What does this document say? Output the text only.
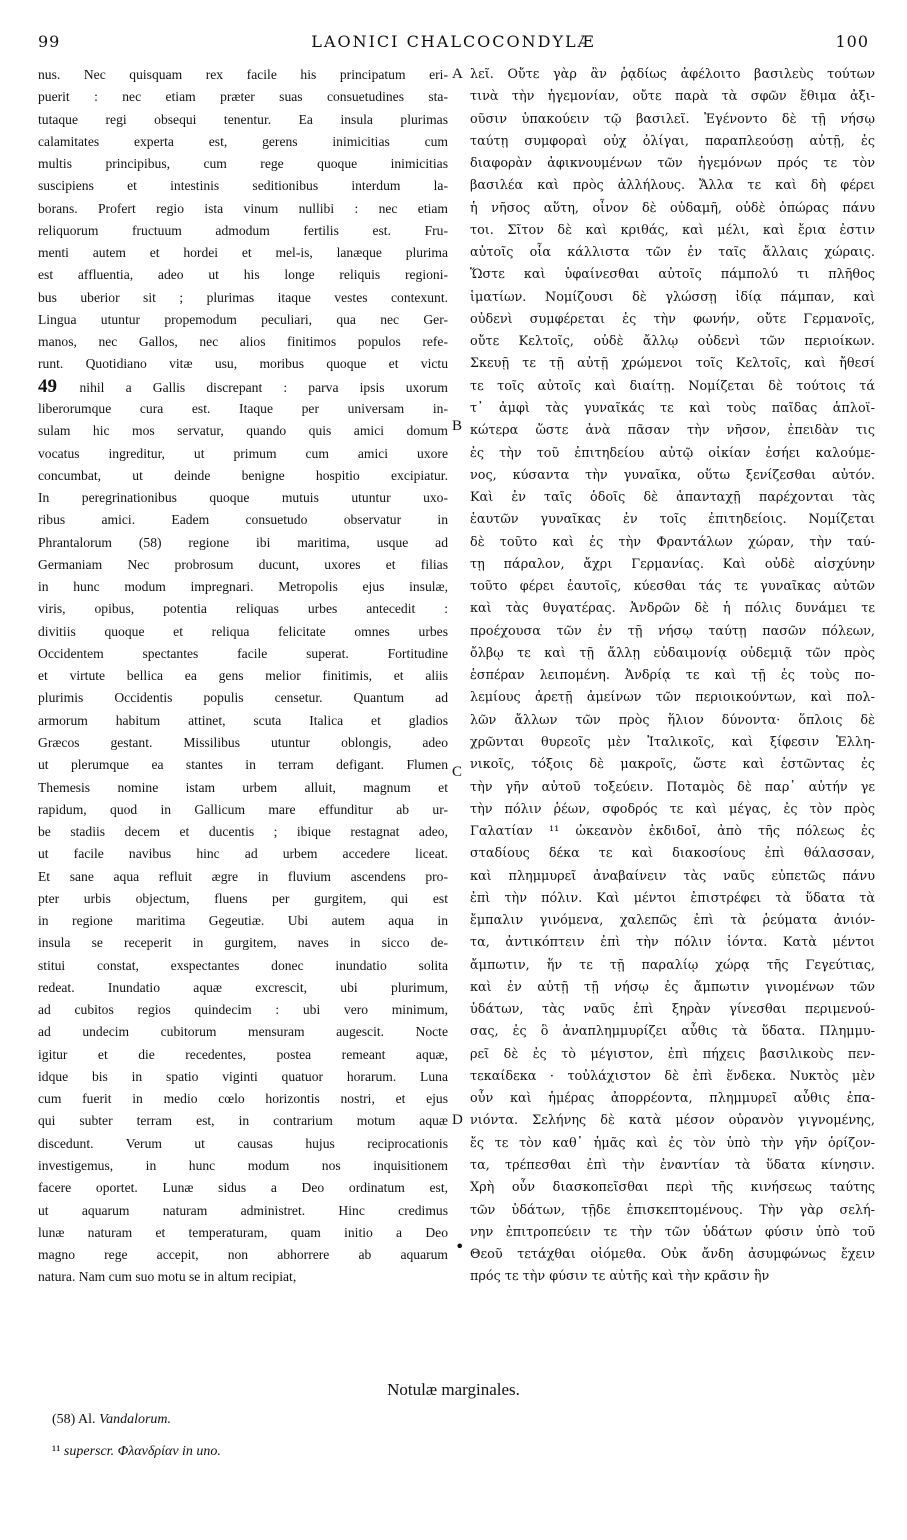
99	LAONICI CHALCOCONDYLÆ	100
nus. Nec quisquam rex facile his principatum eri-
puerit : nec etiam præter suas consuetudines sta-
tutaque regi obsequi tenentur. Ea insula plurimas
calamitates experta est, gerens inimicitias cum
multis principibus, cum rege quoque inimicitias
suscipiens et intestinis seditionibus interdum la-
borans. Profert regio ista vinum nullibi : nec etiam
reliquorum fructuum admodum fertilis est. Fru-
menti autem et hordei et mel-is, lanæque plurima
est affluentia, adeo ut his longe reliquis regioni-
bus uberior sit ; plurimas itaque vestes contexunt.
Lingua utuntur propemodum peculiari, qua nec Ger-
manos, nec Gallos, nec alios finitimos populos refe-
runt. Quotidiano vitæ usu, moribus quoque et victu
49 nihil a Gallis discrepant : parva ipsis uxorum
liberorumque cura est. Itaque per universam in-
sulam hic mos servatur, quando quis amici domum
vocatus ingreditur, ut primum cum amici uxore
concumbat, ut deinde benigne hospitio excipiatur.
In peregrinationibus quoque mutuis utuntur uxo-
ribus amici. Eadem consuetudo observatur in
Phrantalorum (58) regione ibi maritima, usque ad
Germaniam Nec probrosum ducunt, uxores et filias
in hunc modum impregnari. Metropolis ejus insulæ,
viris, opibus, potentia reliquas urbes antecedit :
divitiis quoque et reliqua felicitate omnes urbes
Occidentem spectantes facile superat. Fortitudine
et virtute bellica ea gens melior finitimis, et aliis
plurimis Occidentis populis censetur. Quantum ad
armorum habitum attinet, scuta Italica et gladios
Græcos gestant. Missilibus utuntur oblongis, adeo
ut plerumque ea stantes in terram defigant. Flumen
Themesis nomine istam urbem alluit, magnum et
rapidum, quod in Gallicum mare effunditur ab ur-
be stadiis decem et ducentis ; ibique restagnat adeo,
ut facile navibus hinc ad urbem accedere liceat.
Et sane aqua refluit ægre in fluvium ascendens pro-
pter urbis objectum, fluens per gurgitem, qui est
in regione maritima Gegeutiæ. Ubi autem aqua in
insula se receperit in gurgitem, naves in sicco de-
stitui constat, exspectantes donec inundatio solita
redeat. Inundatio aquæ excrescit, ubi plurimum,
ad cubitos regios quindecim : ubi vero minimum,
ad undecim cubitorum mensuram augescit. Nocte
igitur et die recedentes, postea remeant aquæ,
idque bis in spatio viginti quatuor horarum. Luna
cum fuerit in medio cœlo horizontis nostri, et ejus
qui subter terram est, in contrarium motum aquæ
discedunt. Verum ut causas hujus reciprocationis
investigemus, in hunc modum nos inquisitionem
facere oportet. Lunæ sidus a Deo ordinatum est,
ut aquarum naturam administret. Hinc credimus
lunæ naturam et temperaturam, quam initio a Deo
magno rege accepit, non abhorrere ab aquarum
natura. Nam cum suo motu se in altum recipiat,
λεῖ. Οὔτε γὰρ ἂν ῥᾳδίως ἀφέλοιτο βασιλεὺς τούτων
τινὰ τὴν ἡγεμονίαν, οὔτε παρὰ τὰ σφῶν ἔθιμα ἀξι-
οῦσιν ὑπακούειν τῷ βασιλεῖ. Ἐγένοντο δὲ τῇ νήσῳ
ταύτῃ συμφοραὶ οὐχ ὀλίγαι, παραπλεούσῃ αὐτῇ, ἐς
διαφορὰν ἀφικνουμένων τῶν ἡγεμόνων πρός τε τὸν
βασιλέα καὶ πρὸς ἀλλήλους. Ἄλλα τε καὶ δὴ φέρει
ἡ νῆσος αὕτη, οἶνον δὲ οὐδαμῆ, οὐδὲ ὀπώρας πάνυ
τοι. Σῖτον δὲ καὶ κριθάς, καὶ μέλι, καὶ ἔρια ἐστιν
αὐτοῖς οἷα κάλλιστα τῶν ἐν ταῖς ἄλλαις χώραις.
Ὥστε καὶ ὑφαίνεσθαι αὐτοῖς πάμπολύ τι πλῆθος
ἱματίων. Νομίζουσι δὲ γλώσσῃ ἰδίᾳ πάμπαν, καὶ
οὐδενὶ συμφέρεται ἐς τὴν φωνήν, οὔτε Γερμανοῖς,
οὔτε Κελτοῖς, οὐδὲ ἄλλῳ οὐδενὶ τῶν περιοίκων.
Σκευῇ τε τῇ αὐτῇ χρώμενοι τοῖς Κελτοῖς, καὶ ἤθεσί
τε τοῖς αὐτοῖς καὶ διαίτῃ. Νομίζεται δὲ τούτοις τά
τ᾽ ἀμφὶ τὰς γυναῖκάς τε καὶ τοὺς παῖδας ἁπλοϊ-
κώτερα ὥστε ἀνὰ πᾶσαν τὴν νῆσον, ἐπειδὰν τις
ἐς τὴν τοῦ ἐπιτηδείου αὐτῷ οἰκίαν ἐσήει καλούμε-
νος, κύσαντα τὴν γυναῖκα, οὕτω ξενίζεσθαι αὐτόν.
Καὶ ἐν ταῖς ὁδοῖς δὲ ἁπανταχῇ παρέχονται τὰς
ἑαυτῶν γυναῖκας ἐν τοῖς ἐπιτηδείοις. Νομίζεται
δὲ τοῦτο καὶ ἐς τὴν Φραντάλων χώραν, τὴν ταύ-
τῃ πάραλον, ἄχρι Γερμανίας. Καὶ οὐδὲ αἰσχύνην
τοῦτο φέρει ἑαυτοῖς, κύεσθαι τάς τε γυναῖκας αὐτῶν
καὶ τὰς θυγατέρας. Ἀνδρῶν δὲ ἡ πόλις δυνάμει τε
προέχουσα τῶν ἐν τῇ νήσῳ ταύτῃ πασῶν πόλεων,
ὄλβῳ τε καὶ τῇ ἄλλῃ εὐδαιμονίᾳ οὐδεμιᾷ τῶν πρὸς
ἑσπέραν λειπομένη. Ἀνδρίᾳ τε καὶ τῇ ἐς τοὺς πο-
λεμίους ἀρετῇ ἀμείνων τῶν περιοικούντων, καὶ πολ-
λῶν ἄλλων τῶν πρὸς ἥλιον δύνοντα· ὅπλοις δὲ
χρῶνται θυρεοῖς μὲν Ἰταλικοῖς, καὶ ξίφεσιν Ἑλλη-
νικοῖς, τόξοις δὲ μακροῖς, ὥστε καὶ ἑστῶντας ἐς
τὴν γῆν αὐτοῦ τοξεύειν. Ποταμὸς δὲ παρ᾽ αὐτήν γε
τὴν πόλιν ῥέων, σφοδρός τε καὶ μέγας, ἐς τὸν πρὸς
Γαλατίαν ¹¹ ὠκεανὸν ἐκδιδοῖ, ἀπὸ τῆς πόλεως ἐς
σταδίους δέκα τε καὶ διακοσίους ἐπὶ θάλασσαν,
καὶ πλημμυρεῖ ἀναβαίνειν τὰς ναῦς εὐπετῶς πάνυ
ἐπὶ τὴν πόλιν. Καὶ μέντοι ἐπιστρέφει τὰ ὕδατα τὰ
ἔμπαλιν γινόμενα, χαλεπῶς ἐπὶ τὰ ῥεύματα ἀνιόν-
τα, ἀντικόπτειν ἐπὶ τὴν πόλιν ἰόντα. Κατὰ μέντοι
ἄμπωτιν, ἥν τε τῇ παραλίῳ χώρᾳ τῆς Γεγεύτιας,
καὶ ἐν αὐτῇ τῇ νήσῳ ἐς ἄμπωτιν γινομένων τῶν
ὑδάτων, τὰς ναῦς ἐπὶ ξηρὰν γίνεσθαι περιμενού-
σας, ἐς ὃ ἀναπλημμυρίζει αὖθις τὰ ὕδατα. Πλημμυ-
ρεῖ δὲ ἐς τὸ μέγιστον, ἐπὶ πήχεις βασιλικοὺς πεν-
τεκαίδεκα · τοὐλάχιστον δὲ ἐπὶ ἕνδεκα. Νυκτὸς μὲν
οὖν καὶ ἡμέρας ἀπορρέοντα, πλημμυρεῖ αὖθις ἐπα-
νιόντα. Σελήνης δὲ κατὰ μέσον οὐρανὸν γιγνομένης,
ἔς τε τὸν καθ᾽ ἡμᾶς καὶ ἐς τὸν ὑπὸ τὴν γῆν ὁρίζον-
τα, τρέπεσθαι ἐπὶ τὴν ἐναντίαν τὰ ὕδατα κίνησιν.
Χρὴ οὖν διασκοπεῖσθαι περὶ τῆς κινήσεως ταύτης
τῶν ὑδάτων, τῇδε ἐπισκεπτομένους. Τὴν γὰρ σελή-
νην ἐπιτροπεύειν τε τὴν τῶν ὑδάτων φύσιν ὑπὸ τοῦ
Θεοῦ τετάχθαι οἰόμεθα. Οὐκ ἄνδη ἀσυμφώνως ἔχειν
πρός τε τὴν φύσιν τε αὐτῆς καὶ τὴν κρᾶσιν ἣν
A
B
C
D
•
Notulæ marginales.
(58) Al. Vandalorum.
¹¹ superscr. Φλανδρίαν in uno.
